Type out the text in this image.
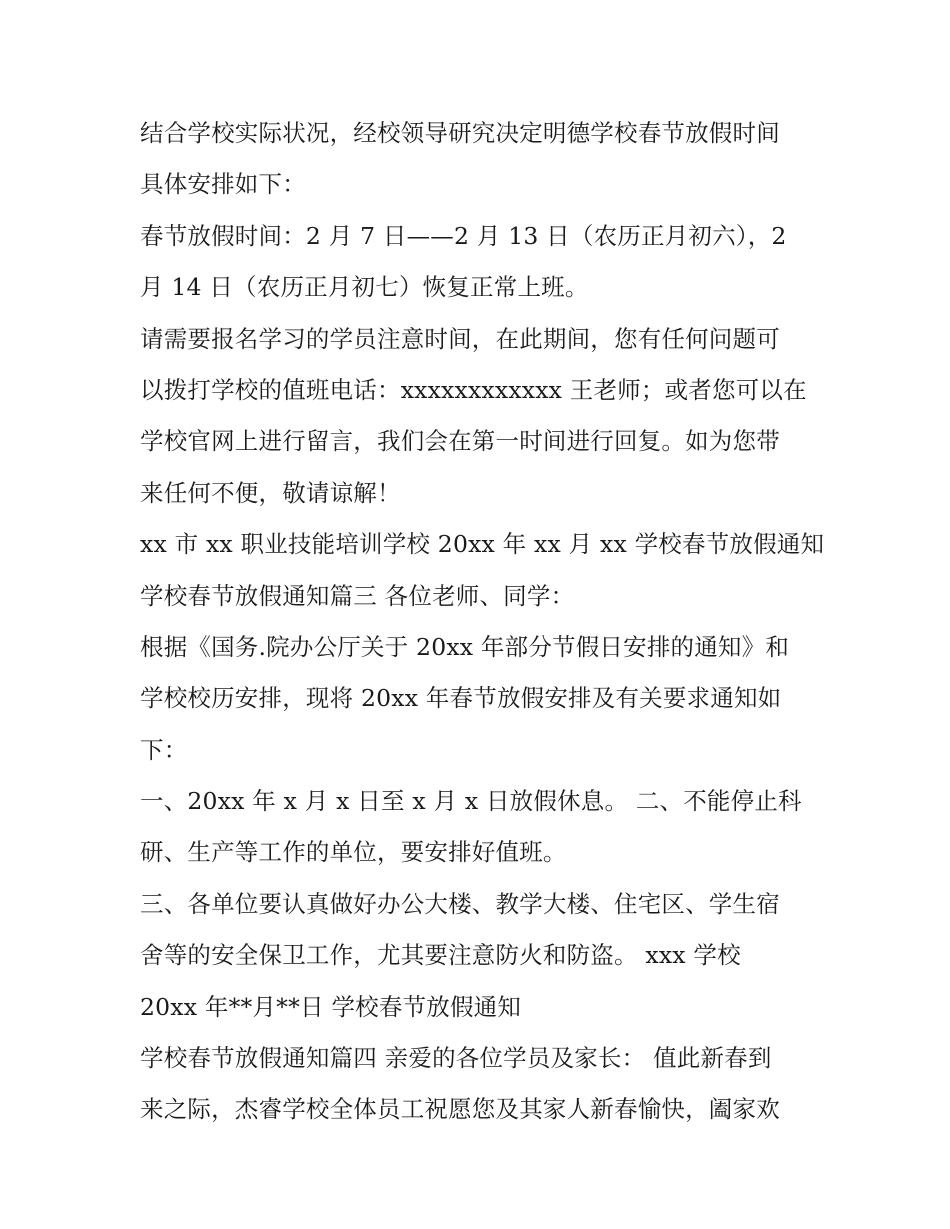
结合学校实际状况，经校领导研究决定明德学校春节放假时间
具体安排如下：
春节放假时间：2 月 7 日——2 月 13 日（农历正月初六），2
月 14 日（农历正月初七）恢复正常上班。
请需要报名学习的学员注意时间，在此期间，您有任何问题可
以拨打学校的值班电话：xxxxxxxxxxxx 王老师；或者您可以在
学校官网上进行留言，我们会在第一时间进行回复。如为您带
来任何不便，敬请谅解！
xx 市 xx 职业技能培训学校 20xx 年 xx 月 xx 学校春节放假通知
学校春节放假通知篇三 各位老师、同学：
根据《国务.院办公厅关于 20xx 年部分节假日安排的通知》和
学校校历安排，现将 20xx 年春节放假安排及有关要求通知如
下：
一、20xx 年 x 月 x 日至 x 月 x 日放假休息。 二、不能停止科
研、生产等工作的单位，要安排好值班。
三、各单位要认真做好办公大楼、教学大楼、住宅区、学生宿
舍等的安全保卫工作，尤其要注意防火和防盗。 xxx 学校
20xx 年**月**日 学校春节放假通知
学校春节放假通知篇四 亲爱的各位学员及家长： 值此新春到
来之际，杰睿学校全体员工祝愿您及其家人新春愉快，阖家欢
